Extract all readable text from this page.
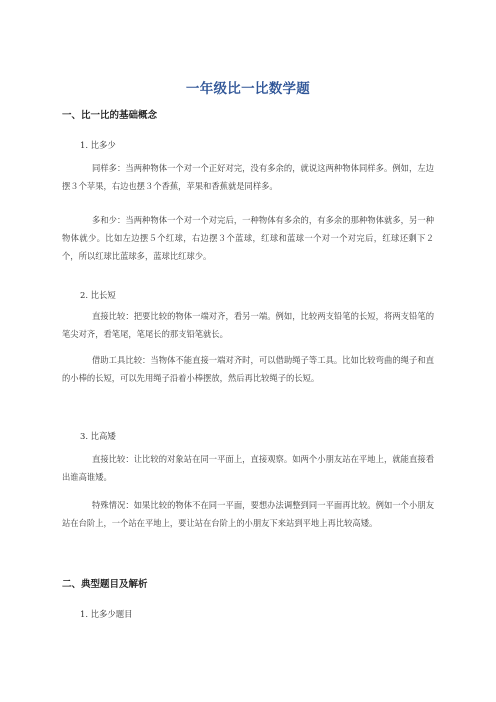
一年级比一比数学题
一、比一比的基础概念
1. 比多少
同样多：当两种物体一个对一个正好对完，没有多余的，就说这两种物体同样多。例如，左边摆３个苹果，右边也摆３个香蕉，苹果和香蕉就是同样多。
多和少：当两种物体一个对一个对完后，一种物体有多余的，有多余的那种物体就多，另一种物体就少。比如左边摆５个红球，右边摆３个蓝球，红球和蓝球一个对一个对完后，红球还剩下２个，所以红球比蓝球多，蓝球比红球少。
2. 比长短
直接比较：把要比较的物体一端对齐，看另一端。例如，比较两支铅笔的长短，将两支铅笔的笔尖对齐，看笔尾，笔尾长的那支铅笔就长。
借助工具比较：当物体不能直接一端对齐时，可以借助绳子等工具。比如比较弯曲的绳子和直的小棒的长短，可以先用绳子沿着小棒摆放，然后再比较绳子的长短。
3. 比高矮
直接比较：让比较的对象站在同一平面上，直接观察。如两个小朋友站在平地上，就能直接看出谁高谁矮。
特殊情况：如果比较的物体不在同一平面，要想办法调整到同一平面再比较。例如一个小朋友站在台阶上，一个站在平地上，要让站在台阶上的小朋友下来站到平地上再比较高矮。
二、典型题目及解析
1. 比多少题目
